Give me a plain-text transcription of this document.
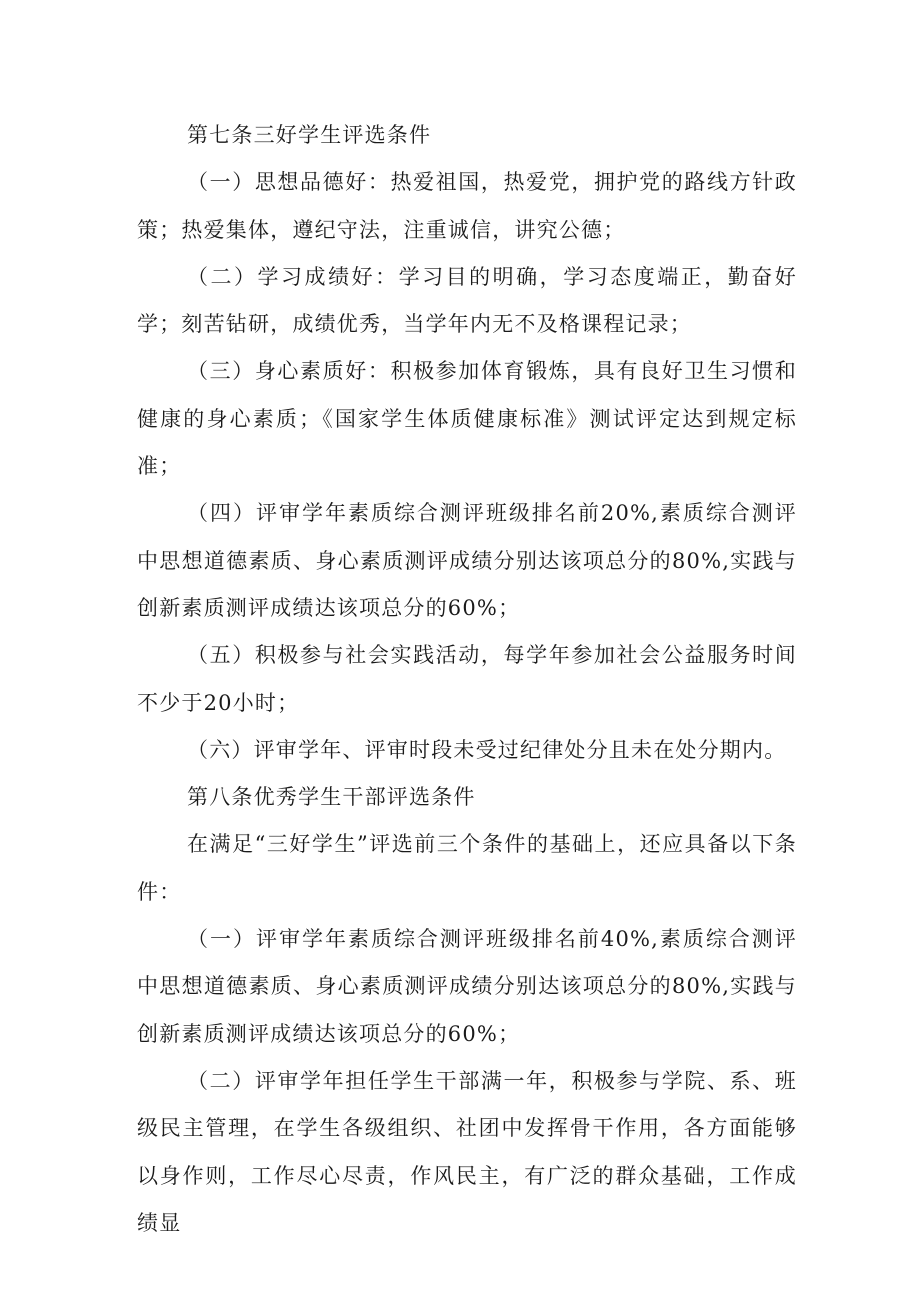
第七条三好学生评选条件

（一）思想品德好：热爱祖国，热爱党，拥护党的路线方针政策；热爱集体，遵纪守法，注重诚信，讲究公德；

（二）学习成绩好：学习目的明确，学习态度端正，勤奋好学；刻苦钻研，成绩优秀，当学年内无不及格课程记录；

（三）身心素质好：积极参加体育锻炼，具有良好卫生习惯和健康的身心素质；《国家学生体质健康标准》测试评定达到规定标准；

（四）评审学年素质综合测评班级排名前20%,素质综合测评中思想道德素质、身心素质测评成绩分别达该项总分的80%,实践与创新素质测评成绩达该项总分的60%；

（五）积极参与社会实践活动，每学年参加社会公益服务时间不少于20小时；

（六）评审学年、评审时段未受过纪律处分且未在处分期内。

第八条优秀学生干部评选条件

在满足“三好学生”评选前三个条件的基础上，还应具备以下条件：

（一）评审学年素质综合测评班级排名前40%,素质综合测评中思想道德素质、身心素质测评成绩分别达该项总分的80%,实践与创新素质测评成绩达该项总分的60%；

（二）评审学年担任学生干部满一年，积极参与学院、系、班级民主管理，在学生各级组织、社团中发挥骨干作用，各方面能够以身作则，工作尽心尽责，作风民主，有广泛的群众基础，工作成绩显
